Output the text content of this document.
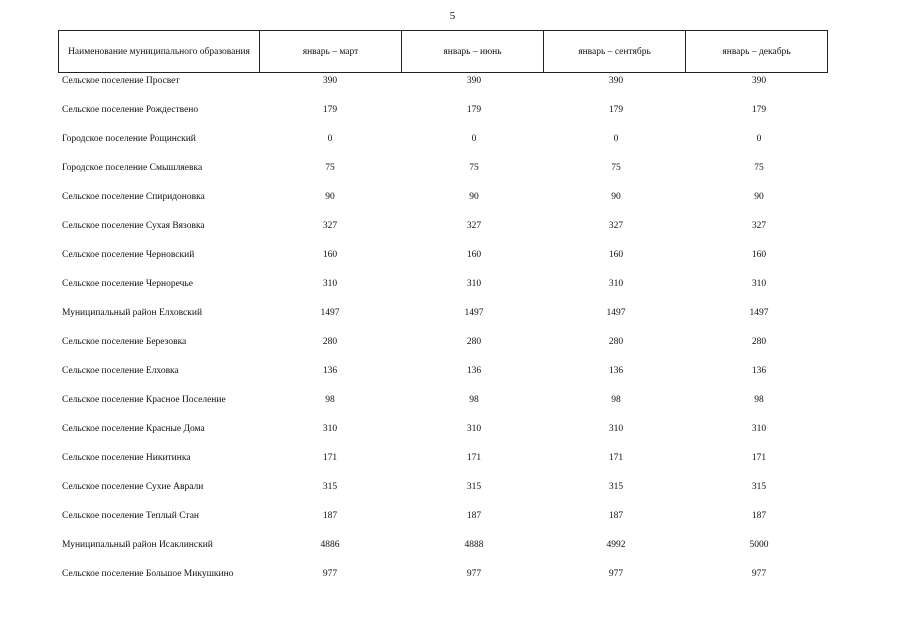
5
Наименование муниципального образования	январь – март	январь – июнь	январь – сентябрь	январь – декабрь
Сельское поселение Просвет	390	390	390	390
Сельское поселение Рождествено	179	179	179	179
Городское поселение Рощинский	0	0	0	0
Городское поселение Смышляевка	75	75	75	75
Сельское поселение Спиридоновка	90	90	90	90
Сельское поселение Сухая Вязовка	327	327	327	327
Сельское поселение Черновский	160	160	160	160
Сельское поселение Черноречье	310	310	310	310
Муниципальный район Елховский	1497	1497	1497	1497
Сельское поселение Березовка	280	280	280	280
Сельское поселение Елховка	136	136	136	136
Сельское поселение Красное Поселение	98	98	98	98
Сельское поселение Красные Дома	310	310	310	310
Сельское поселение Никитинка	171	171	171	171
Сельское поселение Сухие Аврали	315	315	315	315
Сельское поселение Теплый Стан	187	187	187	187
Муниципальный район Исаклинский	4886	4888	4992	5000
Сельское поселение Большое Микушкино	977	977	977	977
